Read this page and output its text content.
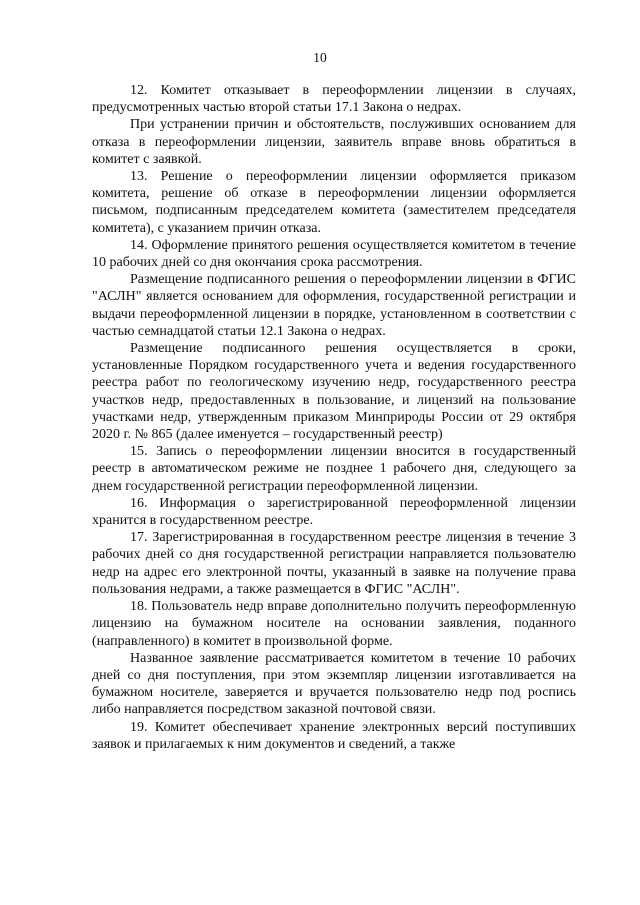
10

12. Комитет отказывает в переоформлении лицензии в случаях, предусмотренных частью второй статьи 17.1 Закона о недрах.

При устранении причин и обстоятельств, послуживших основанием для отказа в переоформлении лицензии, заявитель вправе вновь обратиться в комитет с заявкой.

13. Решение о переоформлении лицензии оформляется приказом комитета, решение об отказе в переоформлении лицензии оформляется письмом, подписанным председателем комитета (заместителем председателя комитета), с указанием причин отказа.

14. Оформление принятого решения осуществляется комитетом в течение 10 рабочих дней со дня окончания срока рассмотрения.

Размещение подписанного решения о переоформлении лицензии в ФГИС "АСЛН" является основанием для оформления, государственной регистрации и выдачи переоформленной лицензии в порядке, установленном в соответствии с частью семнадцатой статьи 12.1 Закона о недрах.

Размещение подписанного решения осуществляется в сроки, установленные Порядком государственного учета и ведения государственного реестра работ по геологическому изучению недр, государственного реестра участков недр, предоставленных в пользование, и лицензий на пользование участками недр, утвержденным приказом Минприроды России от 29 октября 2020 г. № 865 (далее именуется – государственный реестр)

15. Запись о переоформлении лицензии вносится в государственный реестр в автоматическом режиме не позднее 1 рабочего дня, следующего за днем государственной регистрации переоформленной лицензии.

16. Информация о зарегистрированной переоформленной лицензии хранится в государственном реестре.

17. Зарегистрированная в государственном реестре лицензия в течение 3 рабочих дней со дня государственной регистрации направляется пользователю недр на адрес его электронной почты, указанный в заявке на получение права пользования недрами, а также размещается в ФГИС "АСЛН".

18. Пользователь недр вправе дополнительно получить переоформленную лицензию на бумажном носителе на основании заявления, поданного (направленного) в комитет в произвольной форме.

Названное заявление рассматривается комитетом в течение 10 рабочих дней со дня поступления, при этом экземпляр лицензии изготавливается на бумажном носителе, заверяется и вручается пользователю недр под роспись либо направляется посредством заказной почтовой связи.

19. Комитет обеспечивает хранение электронных версий поступивших заявок и прилагаемых к ним документов и сведений, а также
